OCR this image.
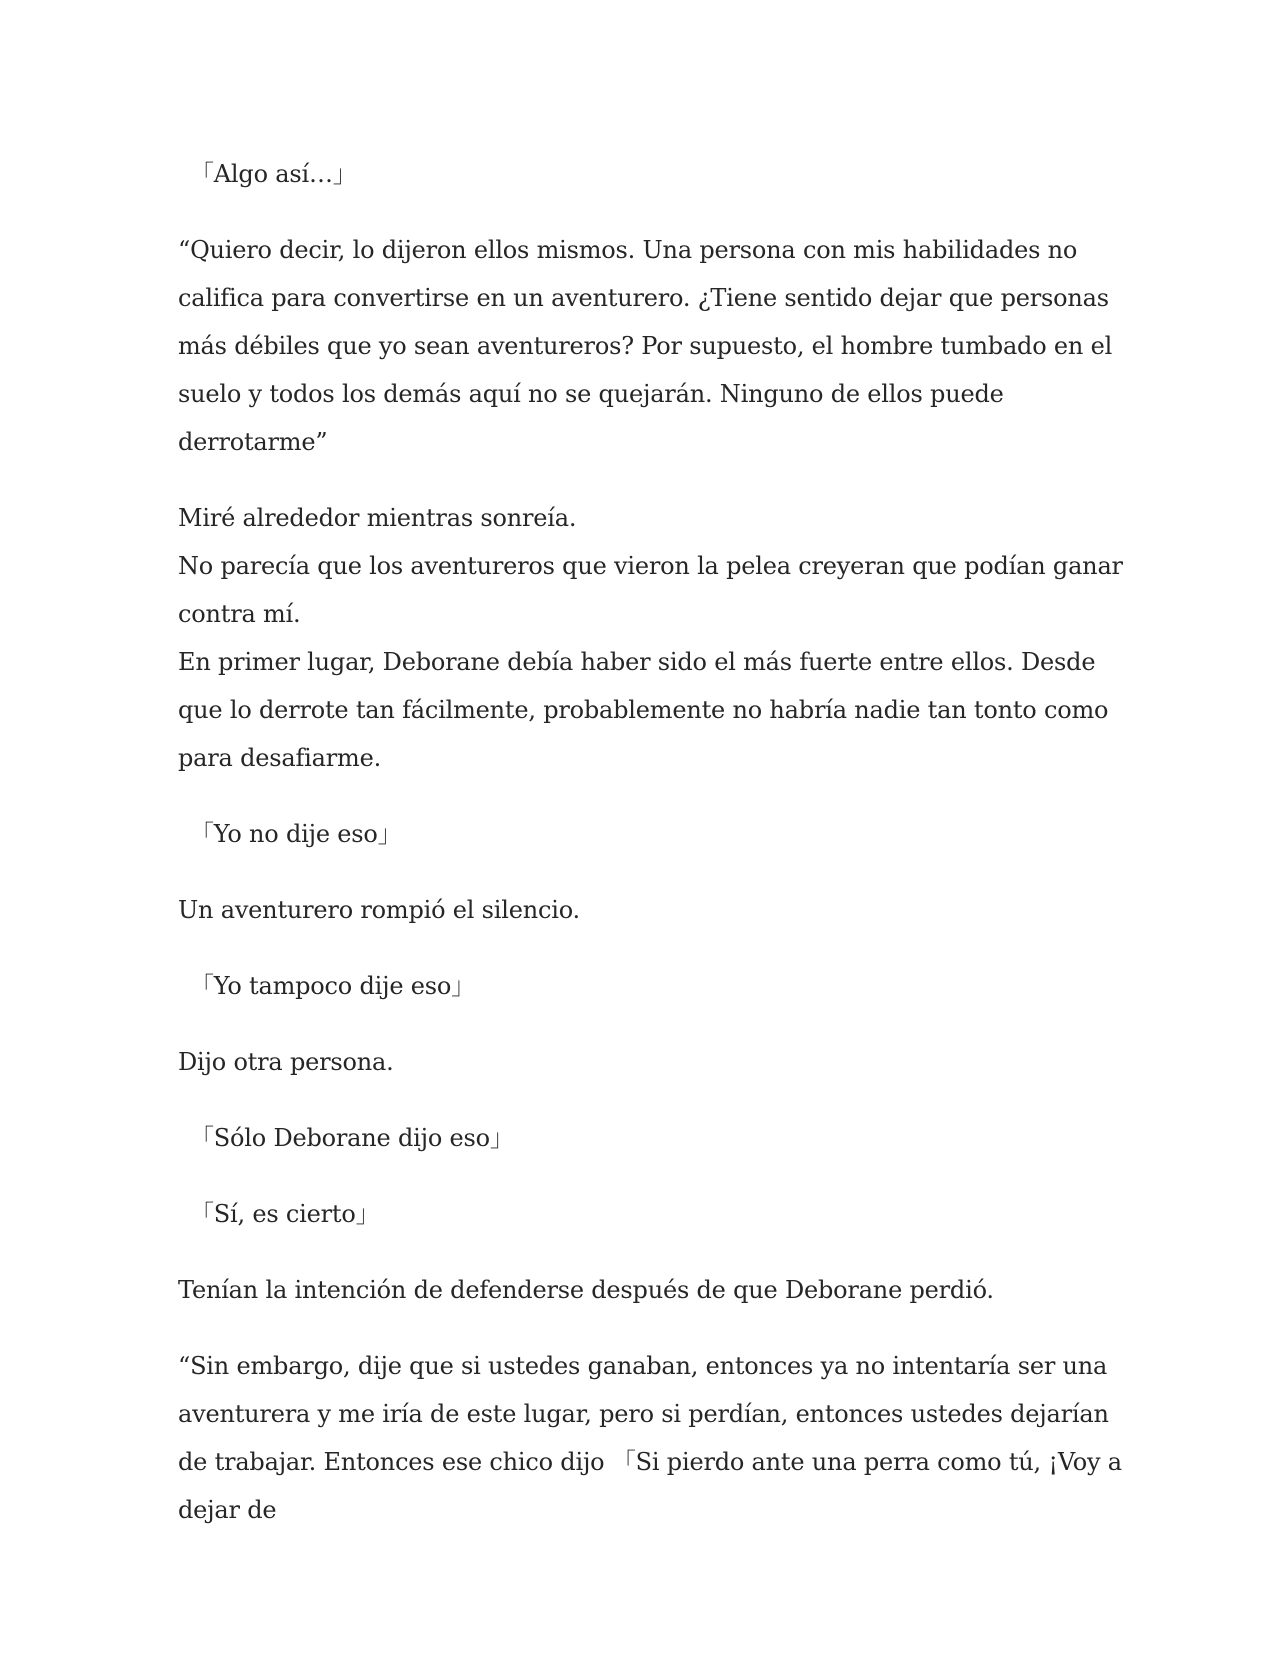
「Algo así…」

“Quiero decir, lo dijeron ellos mismos. Una persona con mis habilidades no califica para convertirse en un aventurero. ¿Tiene sentido dejar que personas más débiles que yo sean aventureros? Por supuesto, el hombre tumbado en el suelo y todos los demás aquí no se quejarán. Ninguno de ellos puede derrotarme”

Miré alrededor mientras sonreía.

No parecía que los aventureros que vieron la pelea creyeran que podían ganar contra mí.

En primer lugar, Deborane debía haber sido el más fuerte entre ellos. Desde que lo derrote tan fácilmente, probablemente no habría nadie tan tonto como para desafiarme.

「Yo no dije eso」

Un aventurero rompió el silencio.

「Yo tampoco dije eso」

Dijo otra persona.

「Sólo Deborane dijo eso」

「Sí, es cierto」

Tenían la intención de defenderse después de que Deborane perdió.

“Sin embargo, dije que si ustedes ganaban, entonces ya no intentaría ser una aventurera y me iría de este lugar, pero si perdían, entonces ustedes dejarían de trabajar. Entonces ese chico dijo 「Si pierdo ante una perra como tú, ¡Voy a dejar de
